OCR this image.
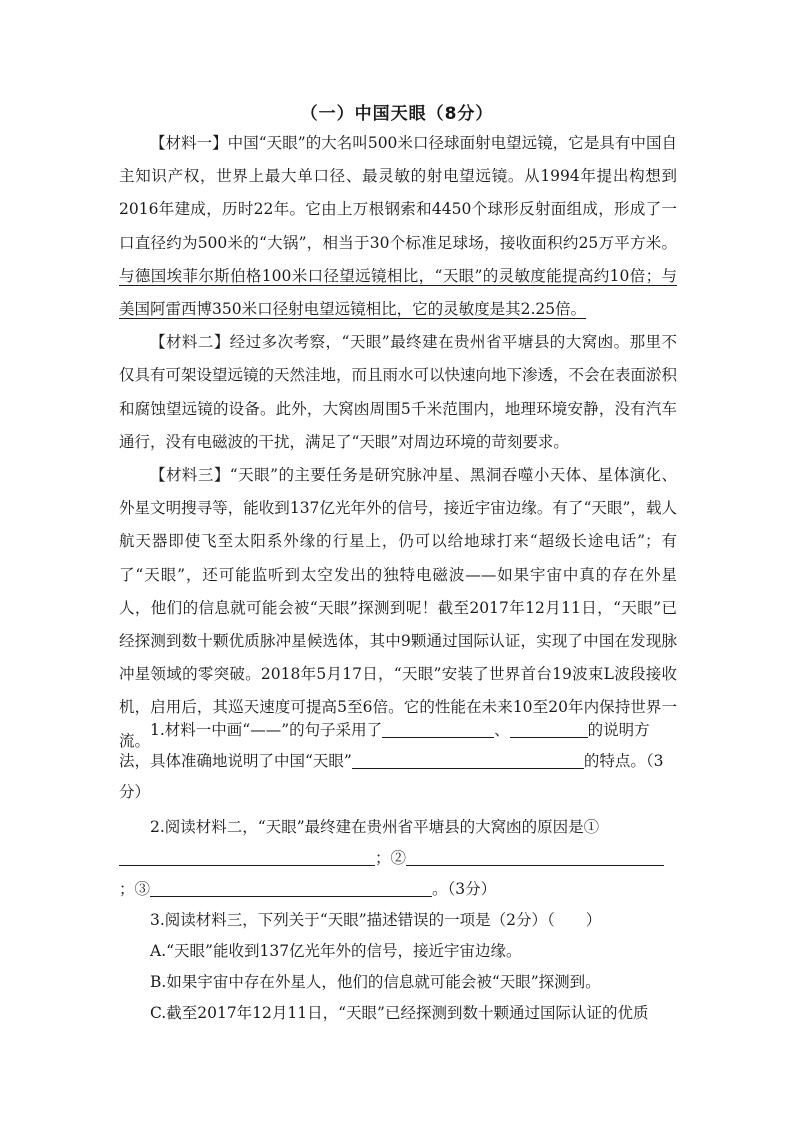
（一）中国天眼（8分）

【材料一】中国“天眼”的大名叫500米口径球面射电望远镜，它是具有中国自主知识产权，世界上最大单口径、最灵敏的射电望远镜。从1994年提出构想到2016年建成，历时22年。它由上万根钢索和4450个球形反射面组成，形成了一口直径约为500米的“大锅”，相当于30个标准足球场，接收面积约25万平方米。与德国埃菲尔斯伯格100米口径望远镜相比，“天眼”的灵敏度能提高约10倍；与美国阿雷西博350米口径射电望远镜相比，它的灵敏度是其2.25倍。

【材料二】经过多次考察，“天眼”最终建在贵州省平塘县的大窝凼。那里不仅具有可架设望远镜的天然洼地，而且雨水可以快速向地下渗透，不会在表面淤积和腐蚀望远镜的设备。此外，大窝凼周围5千米范围内，地理环境安静，没有汽车通行，没有电磁波的干扰，满足了“天眼”对周边环境的苛刻要求。

【材料三】“天眼”的主要任务是研究脉冲星、黑洞吞噬小天体、星体演化、外星文明搜寻等，能收到137亿光年外的信号，接近宇宙边缘。有了“天眼”，载人航天器即使飞至太阳系外缘的行星上，仍可以给地球打来“超级长途电话”；有了“天眼”，还可能监听到太空发出的独特电磁波——如果宇宙中真的存在外星人，他们的信息就可能会被“天眼”探测到呢！截至2017年12月11日，“天眼”已经探测到数十颗优质脉冲星候选体，其中9颗通过国际认证，实现了中国在发现脉冲星领域的零突破。2018年5月17日，“天眼”安装了世界首台19波束L波段接收机，启用后，其巡天速度可提高5至6倍。它的性能在未来10至20年内保持世界一流。

1.材料一中画“——”的句子采用了	、	的说明方法，具体准确地说明了中国“天眼”	的特点。（3分）

2.阅读材料二，“天眼”最终建在贵州省平塘县的大窝凼的原因是①；②；③	。（3分）

3.阅读材料三，下列关于“天眼”描述错误的一项是（2分）（　　）

A.“天眼”能收到137亿光年外的信号，接近宇宙边缘。

B.如果宇宙中存在外星人，他们的信息就可能会被“天眼”探测到。

C.截至2017年12月11日，“天眼”已经探测到数十颗通过国际认证的优质
